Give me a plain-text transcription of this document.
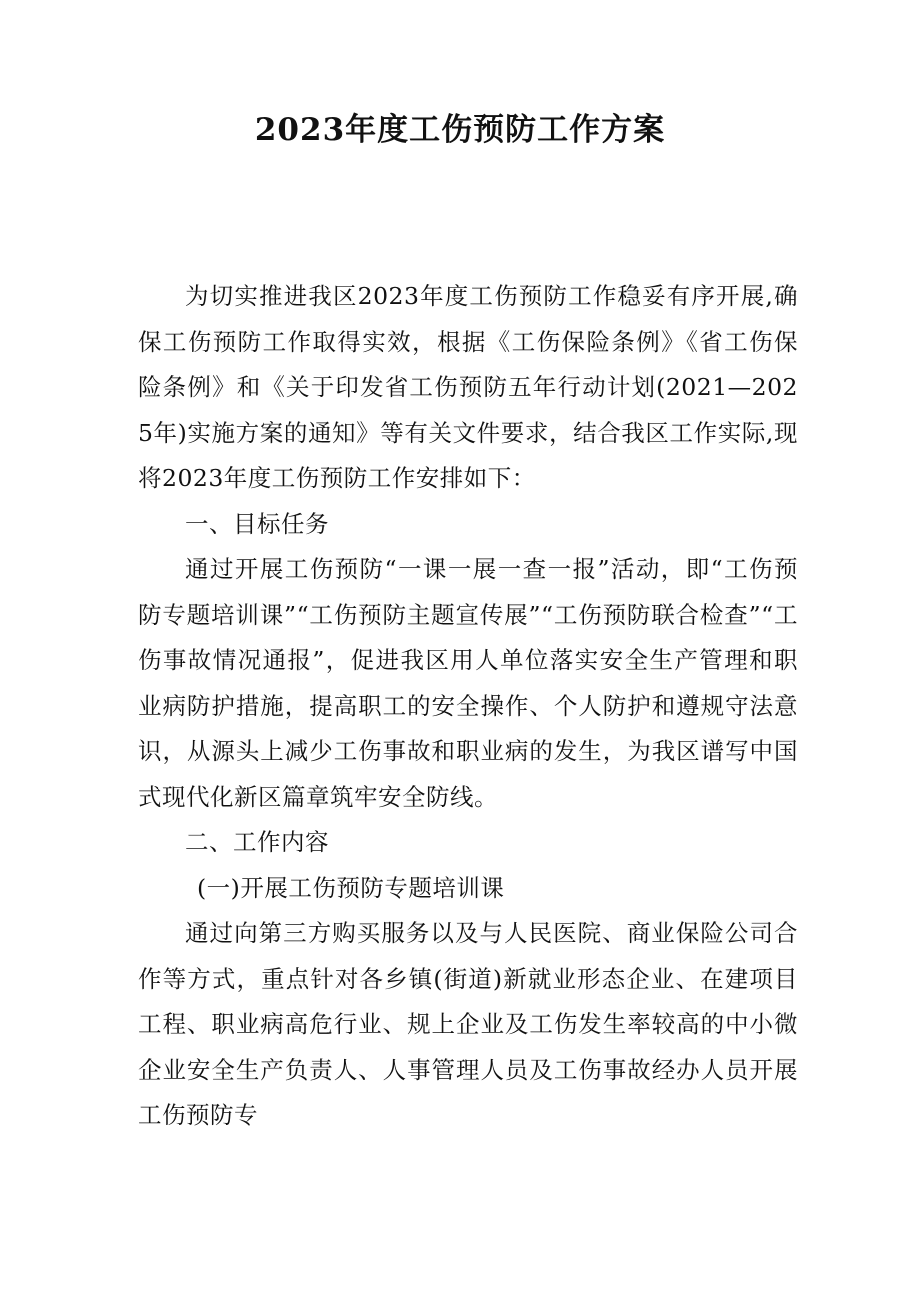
2023年度工伤预防工作方案

为切实推进我区2023年度工伤预防工作稳妥有序开展,确保工伤预防工作取得实效，根据《工伤保险条例》《省工伤保险条例》和《关于印发省工伤预防五年行动计划(2021—2025年)实施方案的通知》等有关文件要求，结合我区工作实际,现将2023年度工伤预防工作安排如下：

一、目标任务

通过开展工伤预防“一课一展一查一报”活动，即“工伤预防专题培训课”“工伤预防主题宣传展”“工伤预防联合检查”“工伤事故情况通报”，促进我区用人单位落实安全生产管理和职业病防护措施，提高职工的安全操作、个人防护和遵规守法意识，从源头上减少工伤事故和职业病的发生，为我区谱写中国式现代化新区篇章筑牢安全防线。

二、工作内容

(一)开展工伤预防专题培训课

通过向第三方购买服务以及与人民医院、商业保险公司合作等方式，重点针对各乡镇(街道)新就业形态企业、在建项目工程、职业病高危行业、规上企业及工伤发生率较高的中小微企业安全生产负责人、人事管理人员及工伤事故经办人员开展工伤预防专
